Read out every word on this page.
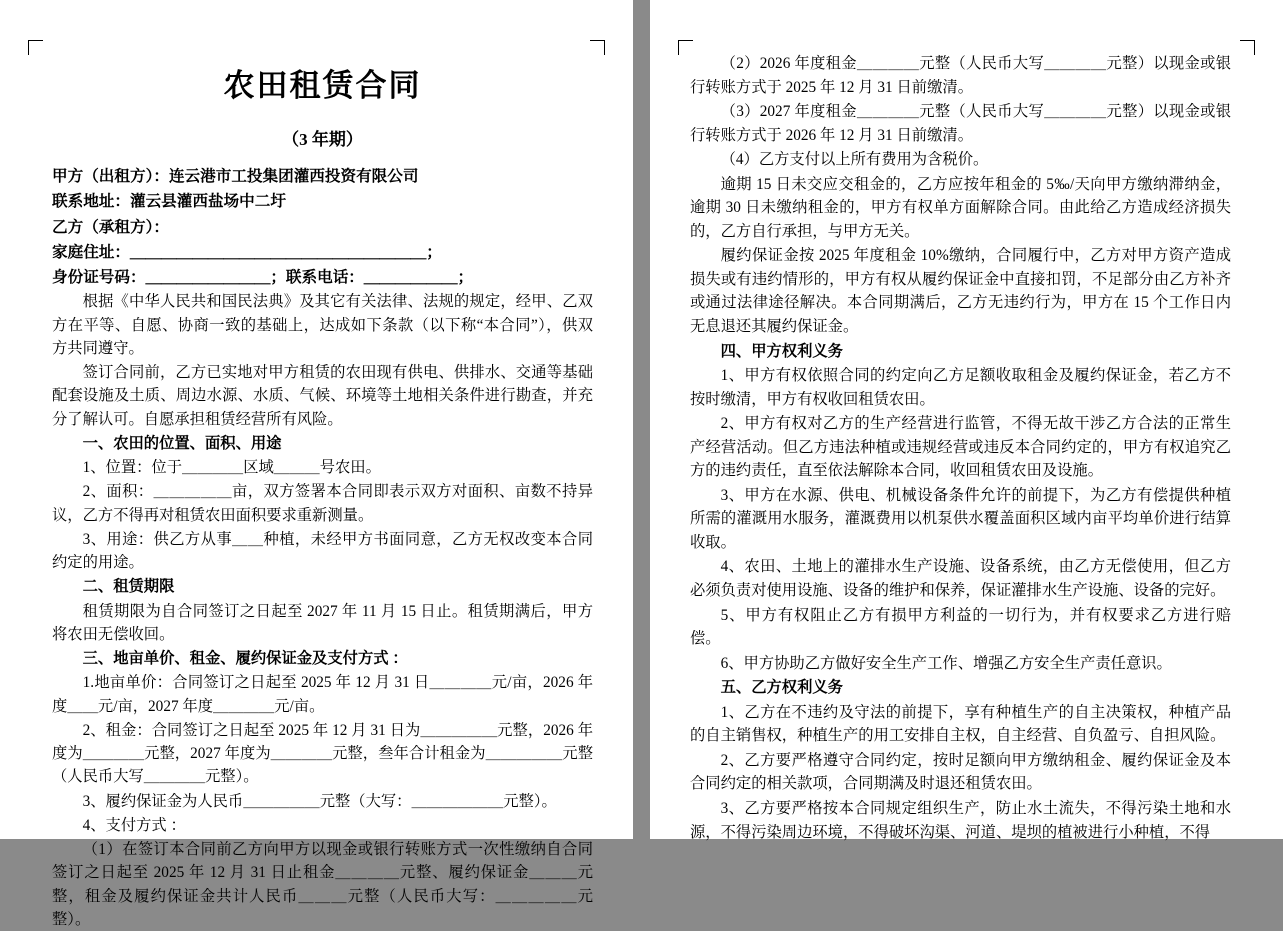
农田租赁合同
（3 年期）

甲方（出租方）：连云港市工投集团灌西投资有限公司

联系地址：灌云县灌西盐场中二圩

乙方（承租方）：

家庭住址：＿＿＿＿＿＿＿＿＿＿＿＿＿＿＿＿＿＿＿；

身份证号码：＿＿＿＿＿＿＿＿；联系电话：＿＿＿＿＿＿；

根据《中华人民共和国民法典》及其它有关法律、法规的规定，经甲、乙双方在平等、自愿、协商一致的基础上，达成如下条款（以下称“本合同”），供双方共同遵守。

签订合同前，乙方已实地对甲方租赁的农田现有供电、供排水、交通等基础配套设施及土质、周边水源、水质、气候、环境等土地相关条件进行勘查，并充分了解认可。自愿承担租赁经营所有风险。

一、农田的位置、面积、用途

1、位置：位于＿＿＿＿区域＿＿＿号农田。

2、面积：＿＿＿＿＿亩，双方签署本合同即表示双方对面积、亩数不持异议，乙方不得再对租赁农田面积要求重新测量。

3、用途：供乙方从事＿＿种植，未经甲方书面同意，乙方无权改变本合同约定的用途。

二、租赁期限

租赁期限为自合同签订之日起至 2027 年 11 月 15 日止。租赁期满后，甲方将农田无偿收回。

三、地亩单价、租金、履约保证金及支付方式 ：

1.地亩单价：合同签订之日起至 2025 年 12 月 31 日＿＿＿＿元/亩，2026 年度＿＿元/亩，2027 年度＿＿＿＿元/亩。

2、租金：合同签订之日起至 2025 年 12 月 31 日为＿＿＿＿＿元整，2026 年度为＿＿＿＿元整，2027 年度为＿＿＿＿元整，叁年合计租金为＿＿＿＿＿元整（人民币大写＿＿＿＿元整）。

3、履约保证金为人民币＿＿＿＿＿元整（大写：＿＿＿＿＿＿元整）。

4、支付方式 ：

（1）在签订本合同前乙方向甲方以现金或银行转账方式一次性缴纳自合同签订之日起至 2025 年 12 月 31 日止租金＿＿＿＿元整、履约保证金＿＿＿元整，租金及履约保证金共计人民币＿＿＿元整（人民币大写：＿＿＿＿＿元整）。

（2）2026 年度租金＿＿＿＿元整（人民币大写＿＿＿＿元整）以现金或银行转账方式于 2025 年 12 月 31 日前缴清。

（3）2027 年度租金＿＿＿＿元整（人民币大写＿＿＿＿元整）以现金或银行转账方式于 2026 年 12 月 31 日前缴清。

（4）乙方支付以上所有费用为含税价。

逾期 15 日未交应交租金的，乙方应按年租金的 5‰/天向甲方缴纳滞纳金，逾期 30 日未缴纳租金的，甲方有权单方面解除合同。由此给乙方造成经济损失的，乙方自行承担，与甲方无关。

履约保证金按 2025 年度租金 10%缴纳，合同履行中，乙方对甲方资产造成损失或有违约情形的，甲方有权从履约保证金中直接扣罚，不足部分由乙方补齐或通过法律途径解决。本合同期满后，乙方无违约行为，甲方在 15 个工作日内无息退还其履约保证金。

四、甲方权利义务

1、甲方有权依照合同的约定向乙方足额收取租金及履约保证金，若乙方不按时缴清，甲方有权收回租赁农田。

2、甲方有权对乙方的生产经营进行监管，不得无故干涉乙方合法的正常生产经营活动。但乙方违法种植或违规经营或违反本合同约定的，甲方有权追究乙方的违约责任，直至依法解除本合同，收回租赁农田及设施。

3、甲方在水源、供电、机械设备条件允许的前提下，为乙方有偿提供种植所需的灌溉用水服务，灌溉费用以机泵供水覆盖面积区域内亩平均单价进行结算收取。

4、农田、土地上的灌排水生产设施、设备系统，由乙方无偿使用，但乙方必须负责对使用设施、设备的维护和保养，保证灌排水生产设施、设备的完好。

5、甲方有权阻止乙方有损甲方利益的一切行为，并有权要求乙方进行赔偿。

6、甲方协助乙方做好安全生产工作、增强乙方安全生产责任意识。

五、乙方权利义务

1、乙方在不违约及守法的前提下，享有种植生产的自主决策权，种植产品的自主销售权，种植生产的用工安排自主权，自主经营、自负盈亏、自担风险。

2、乙方要严格遵守合同约定，按时足额向甲方缴纳租金、履约保证金及本合同约定的相关款项，合同期满及时退还租赁农田。

3、乙方要严格按本合同规定组织生产，防止水土流失，不得污染土地和水源，不得污染周边环境，不得破坏沟渠、河道、堤坝的植被进行小种植，不得
